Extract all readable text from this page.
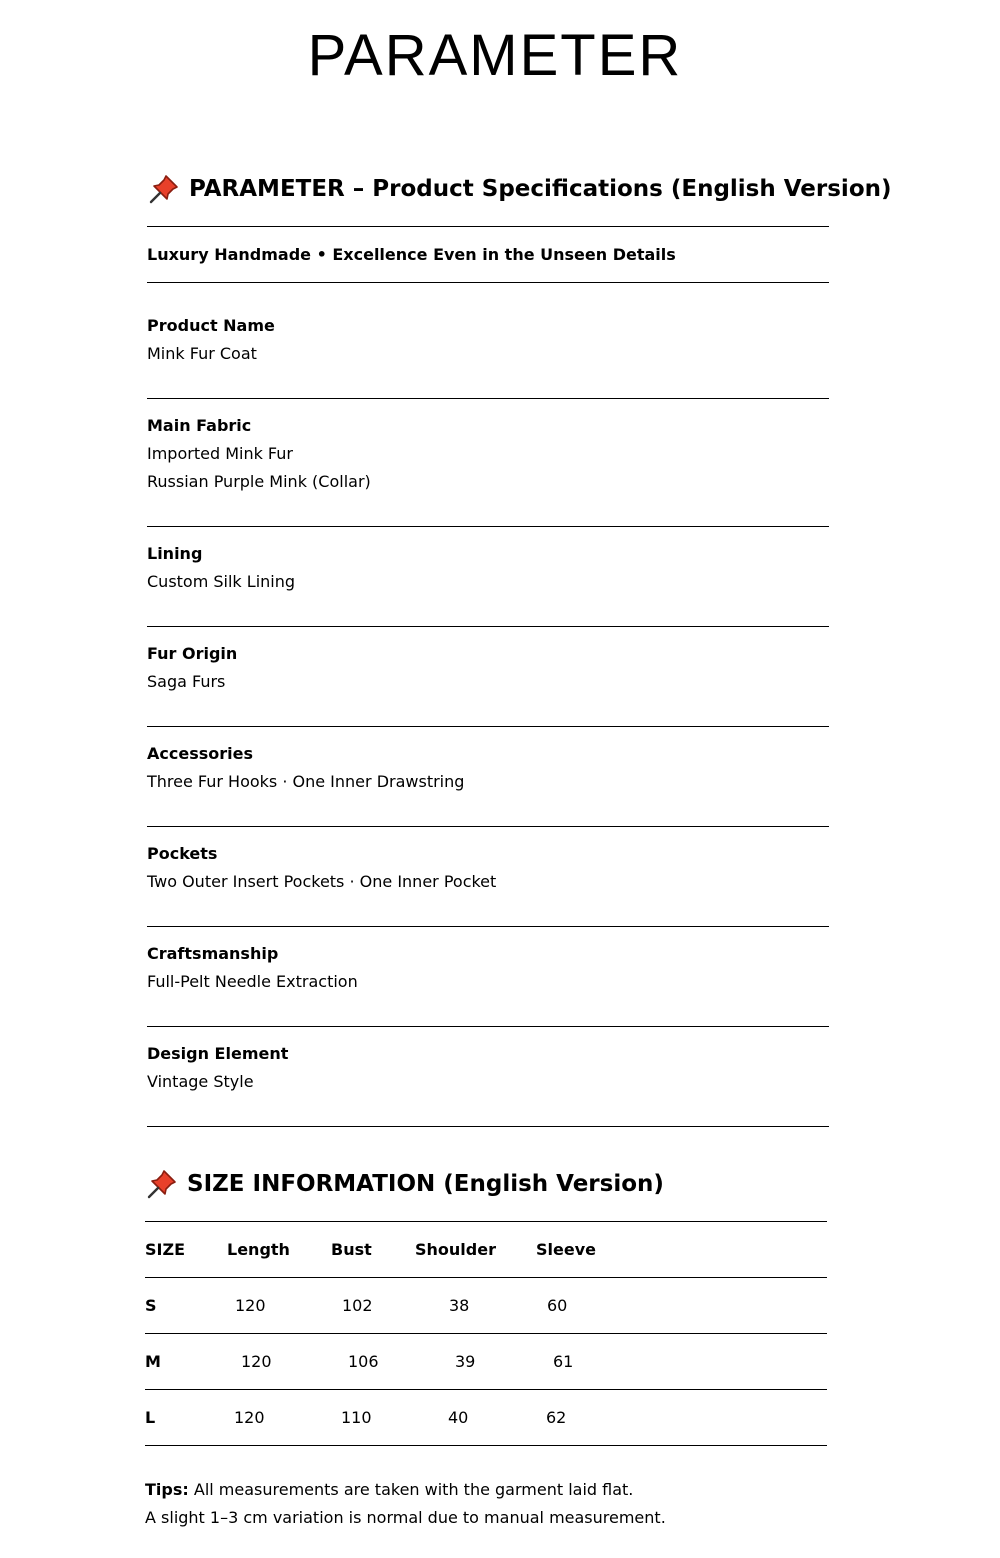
PARAMETER
PARAMETER – Product Specifications (English Version)
Luxury Handmade • Excellence Even in the Unseen Details
Product Name
Mink Fur Coat
Main Fabric
Imported Mink Fur
Russian Purple Mink (Collar)
Lining
Custom Silk Lining
Fur Origin
Saga Furs
Accessories
Three Fur Hooks · One Inner Drawstring
Pockets
Two Outer Insert Pockets · One Inner Pocket
Craftsmanship
Full-Pelt Needle Extraction
Design Element
Vintage Style
SIZE INFORMATION (English Version)
SIZE	Length	Bust	Shoulder	Sleeve
S	120	102	38	60
M	120	106	39	61
L	120	110	40	62
Tips: All measurements are taken with the garment laid flat.
A slight 1–3 cm variation is normal due to manual measurement.
